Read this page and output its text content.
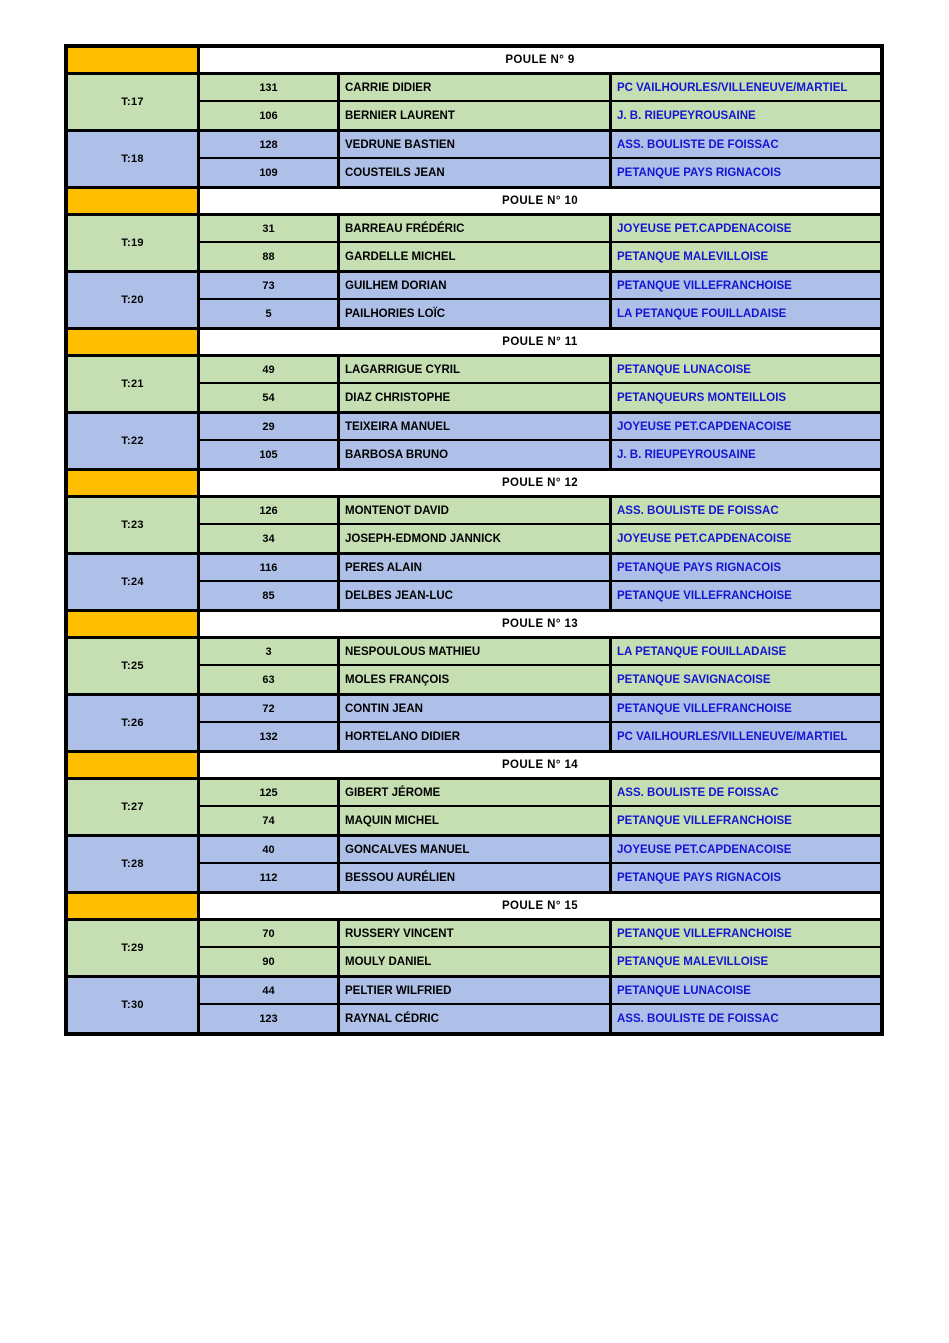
POULE N° 9
T:17
131	CARRIE DIDIER	PC VAILHOURLES/VILLENEUVE/MARTIEL
106	BERNIER LAURENT	J. B. RIEUPEYROUSAINE
T:18
128	VEDRUNE BASTIEN	ASS. BOULISTE DE FOISSAC
109	COUSTEILS JEAN	PETANQUE PAYS RIGNACOIS
POULE N° 10
T:19
31	BARREAU FRÉDÉRIC	JOYEUSE PET.CAPDENACOISE
88	GARDELLE MICHEL	PETANQUE MALEVILLOISE
T:20
73	GUILHEM DORIAN	PETANQUE VILLEFRANCHOISE
5	PAILHORIES LOÏC	LA PETANQUE FOUILLADAISE
POULE N° 11
T:21
49	LAGARRIGUE CYRIL	PETANQUE LUNACOISE
54	DIAZ CHRISTOPHE	PETANQUEURS MONTEILLOIS
T:22
29	TEIXEIRA MANUEL	JOYEUSE PET.CAPDENACOISE
105	BARBOSA BRUNO	J. B. RIEUPEYROUSAINE
POULE N° 12
T:23
126	MONTENOT DAVID	ASS. BOULISTE DE FOISSAC
34	JOSEPH-EDMOND JANNICK	JOYEUSE PET.CAPDENACOISE
T:24
116	PERES ALAIN	PETANQUE PAYS RIGNACOIS
85	DELBES JEAN-LUC	PETANQUE VILLEFRANCHOISE
POULE N° 13
T:25
3	NESPOULOUS MATHIEU	LA PETANQUE FOUILLADAISE
63	MOLES FRANÇOIS	PETANQUE SAVIGNACOISE
T:26
72	CONTIN JEAN	PETANQUE VILLEFRANCHOISE
132	HORTELANO DIDIER	PC VAILHOURLES/VILLENEUVE/MARTIEL
POULE N° 14
T:27
125	GIBERT JÉROME	ASS. BOULISTE DE FOISSAC
74	MAQUIN MICHEL	PETANQUE VILLEFRANCHOISE
T:28
40	GONCALVES MANUEL	JOYEUSE PET.CAPDENACOISE
112	BESSOU AURÉLIEN	PETANQUE PAYS RIGNACOIS
POULE N° 15
T:29
70	RUSSERY VINCENT	PETANQUE VILLEFRANCHOISE
90	MOULY DANIEL	PETANQUE MALEVILLOISE
T:30
44	PELTIER WILFRIED	PETANQUE LUNACOISE
123	RAYNAL CÉDRIC	ASS. BOULISTE DE FOISSAC
